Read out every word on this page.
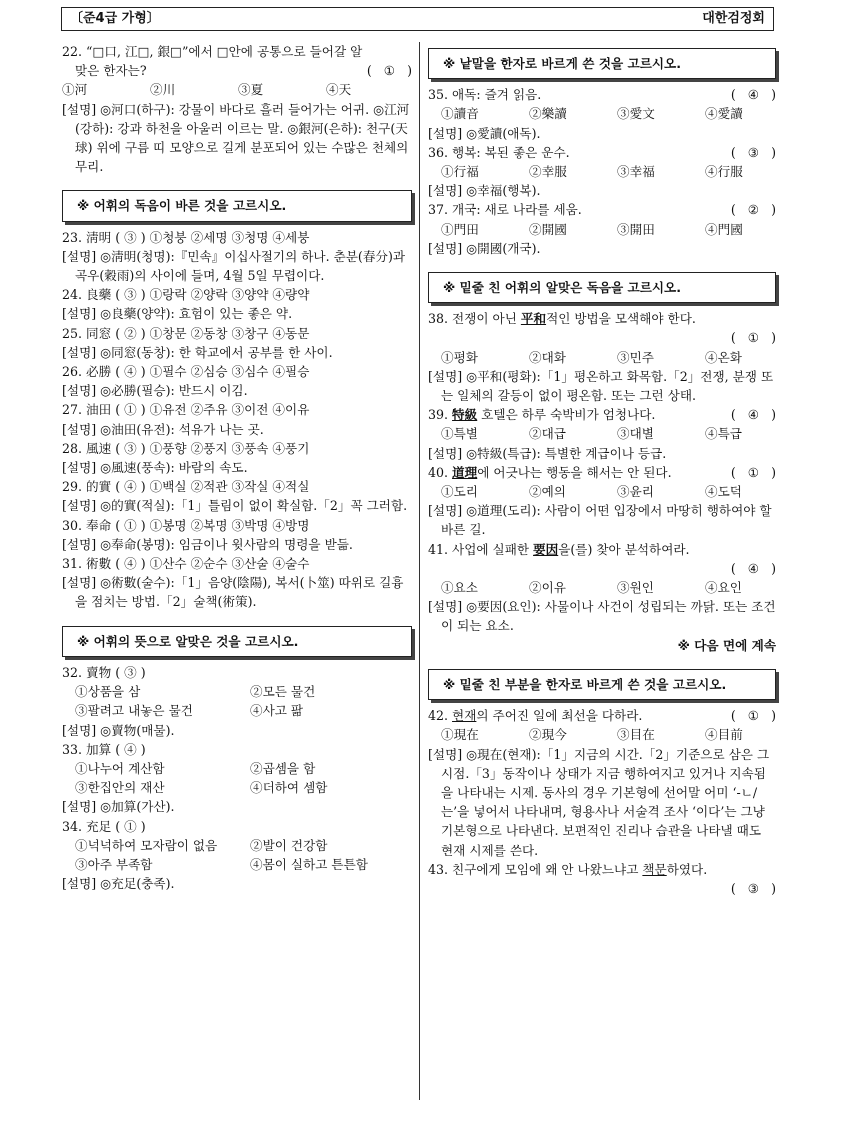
〔준4급 가형〕	대한검정회

22. “□口, 江□, 銀□”에서 □안에 공통으로 들어갈 알

맞은 한자는?	(   ①   )
①河	②川	③夏	④天

[설명] ◎河口(하구): 강물이 바다로 흘러 들어가는 어귀. ◎江河(강하): 강과 하천을 아울러 이르는 말. ◎銀河(은하): 천구(天球) 위에 구름 띠 모양으로 길게 분포되어 있는 수많은 천체의 무리.

※ 어휘의 독음이 바른 것을 고르시오.

23. 淸明 ( ③ ) ①청붕 ②세명 ③청명 ④세붕

[설명] ◎淸明(청명):『민속』이십사절기의 하나. 춘분(春分)과 곡우(穀雨)의 사이에 들며, 4월 5일 무렵이다.

24. 良藥 ( ③ ) ①랑락 ②양락 ③양약 ④량약

[설명] ◎良藥(양약): 효험이 있는 좋은 약.

25. 同窓 ( ② ) ①창문 ②동창 ③창구 ④동문

[설명] ◎同窓(동창): 한 학교에서 공부를 한 사이.

26. 必勝 ( ④ ) ①필수 ②심승 ③심수 ④필승

[설명] ◎必勝(필승): 반드시 이김.

27. 油田 ( ① ) ①유전 ②주유 ③이전 ④이유

[설명] ◎油田(유전): 석유가 나는 곳.

28. 風速 ( ③ ) ①풍향 ②풍지 ③풍속 ④풍기

[설명] ◎風速(풍속): 바람의 속도.

29. 的實 ( ④ ) ①백실 ②적관 ③작실 ④적실

[설명] ◎的實(적실):「1」틀림이 없이 확실함.「2」꼭 그러함.

30. 奉命 ( ① ) ①봉명 ②복명 ③박명 ④방명

[설명] ◎奉命(봉명): 임금이나 윗사람의 명령을 받듦.

31. 術數 ( ④ ) ①산수 ②순수 ③산술 ④술수

[설명] ◎術數(술수):「1」음양(陰陽), 복서(卜筮) 따위로 길흉을 점치는 방법.「2」술책(術策).

※ 어휘의 뜻으로 알맞은 것을 고르시오.

32. 賣物 ( ③ )

①상품을 삼	②모든 물건
③팔려고 내놓은 물건	④사고 팖

[설명] ◎賣物(매물).

33. 加算 ( ④ )

①나누어 계산함	②곱셈을 함
③한집안의 재산	④더하여 셈함

[설명] ◎加算(가산).

34. 充足 ( ① )

①넉넉하여 모자람이 없음	②발이 건강함
③아주 부족함	④몸이 실하고 튼튼함

[설명] ◎充足(충족).

※ 낱말을 한자로 바르게 쓴 것을 고르시오.
35. 애독: 즐겨 읽음.	(   ④   )
①讀音	②樂讀	③愛文	④愛讀

[설명] ◎愛讀(애독).

36. 행복: 복된 좋은 운수.	(   ③   )
①行福	②幸服	③幸福	④行服

[설명] ◎幸福(행복).

37. 개국: 새로 나라를 세움.	(   ②   )
①門田	②開國	③開田	④門國

[설명] ◎開國(개국).

※ 밑줄 친 어휘의 알맞은 독음을 고르시오.

38. 전쟁이 아닌 平和적인 방법을 모색해야 한다.

(   ①   )
①평화	②대화	③민주	④온화

[설명] ◎平和(평화):「1」평온하고 화목함.「2」전쟁, 분쟁 또는 일체의 갈등이 없이 평온함. 또는 그런 상태.

39. 特級 호텔은 하루 숙박비가 엄청나다.	(   ④   )
①특별	②대급	③대별	④특급

[설명] ◎特級(특급): 특별한 계급이나 등급.

40. 道理에 어긋나는 행동을 해서는 안 된다.	(   ①   )
①도리	②예의	③윤리	④도덕

[설명] ◎道理(도리): 사람이 어떤 입장에서 마땅히 행하여야 할 바른 길.

41. 사업에 실패한 要因을(를) 찾아 분석하여라.

(   ④   )
①요소	②이유	③원인	④요인

[설명] ◎要因(요인): 사물이나 사건이 성립되는 까닭. 또는 조건이 되는 요소.

※ 다음 면에 계속
※ 밑줄 친 부분을 한자로 바르게 쓴 것을 고르시오.
42. 현재의 주어진 일에 최선을 다하라.	(   ①   )
①現在	②現今	③目在	④目前

[설명] ◎現在(현재):「1」지금의 시간.「2」기준으로 삼은 그 시점.「3」동작이나 상태가 지금 행하여지고 있거나 지속됨을 나타내는 시제. 동사의 경우 기본형에 선어말 어미 ‘-ㄴ/는’을 넣어서 나타내며, 형용사나 서술격 조사 ‘이다’는 그냥 기본형으로 나타낸다. 보편적인 진리나 습관을 나타낼 때도 현재 시제를 쓴다.

43. 친구에게 모임에 왜 안 나왔느냐고 책문하였다.

(   ③   )
